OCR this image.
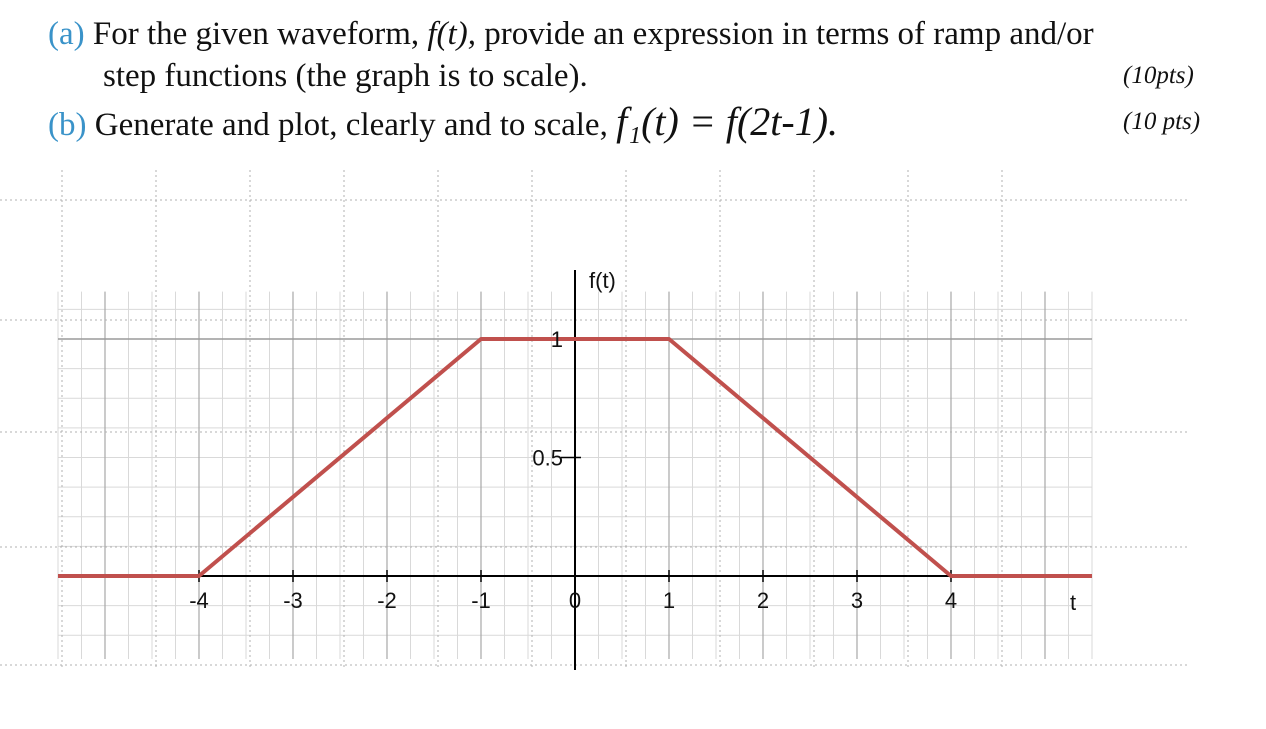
(a) For the given waveform, f(t), provide an expression in terms of ramp and/or
step functions (the graph is to scale).	(10pts)
(b) Generate and plot, clearly and to scale, f₁(t) = f(2t-1).	(10 pts)
-4	-3	-2	-1	0	1	2	3	4
0.5
1
f(t)
t
